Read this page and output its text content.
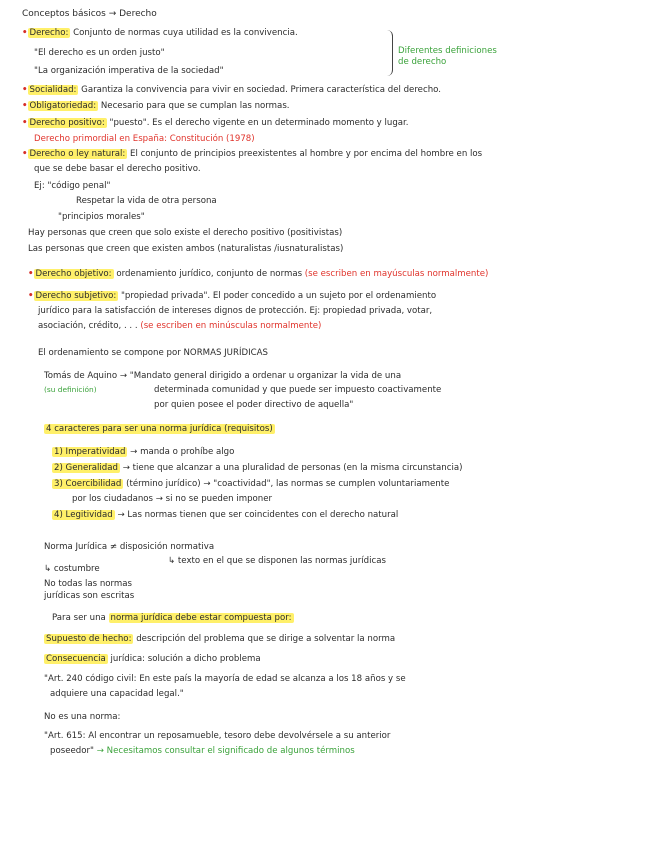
Conceptos básicos → Derecho
• Derecho: Conjunto de normas cuya utilidad es la convivencia.
"El derecho es un orden justo"
"La organización imperativa de la sociedad"
Diferentes definiciones
de derecho
• Socialidad: Garantiza la convivencia para vivir en sociedad. Primera característica del derecho.
• Obligatoriedad: Necesario para que se cumplan las normas.
• Derecho positivo: "puesto". Es el derecho vigente en un determinado momento y lugar.
Derecho primordial en España: Constitución (1978)
• Derecho o ley natural: El conjunto de principios preexistentes al hombre y por encima del hombre en los
que se debe basar el derecho positivo.
Ej: "código penal"
Respetar la vida de otra persona
"principios morales"
Hay personas que creen que solo existe el derecho positivo (positivistas)
Las personas que creen que existen ambos (naturalistas /iusnaturalistas)
• Derecho objetivo: ordenamiento jurídico, conjunto de normas (se escriben en mayúsculas normalmente)
• Derecho subjetivo: "propiedad privada". El poder concedido a un sujeto por el ordenamiento
jurídico para la satisfacción de intereses dignos de protección. Ej: propiedad privada, votar,
asociación, crédito, . . . (se escriben en minúsculas normalmente)
El ordenamiento se compone por NORMAS JURÍDICAS
Tomás de Aquino → "Mandato general dirigido a ordenar u organizar la vida de una
(su definición)	determinada comunidad y que puede ser impuesto coactivamente
por quien posee el poder directivo de aquella"
4 caracteres para ser una norma jurídica (requisitos)
1) Imperatividad → manda o prohíbe algo
2) Generalidad → tiene que alcanzar a una pluralidad de personas (en la misma circunstancia)
3) Coercibilidad (término jurídico) → "coactividad", las normas se cumplen voluntariamente
por los ciudadanos → si no se pueden imponer
4) Legitividad → Las normas tienen que ser coincidentes con el derecho natural
Norma Jurídica ≠ disposición normativa
↳ texto en el que se disponen las normas jurídicas
↳ costumbre
No todas las normas
jurídicas son escritas
Para ser una norma jurídica debe estar compuesta por:
Supuesto de hecho: descripción del problema que se dirige a solventar la norma
Consecuencia jurídica: solución a dicho problema
"Art. 240 código civil: En este país la mayoría de edad se alcanza a los 18 años y se
adquiere una capacidad legal."
No es una norma:
"Art. 615: Al encontrar un reposamueble, tesoro debe devolvérsele a su anterior
poseedor" → Necesitamos consultar el significado de algunos términos
